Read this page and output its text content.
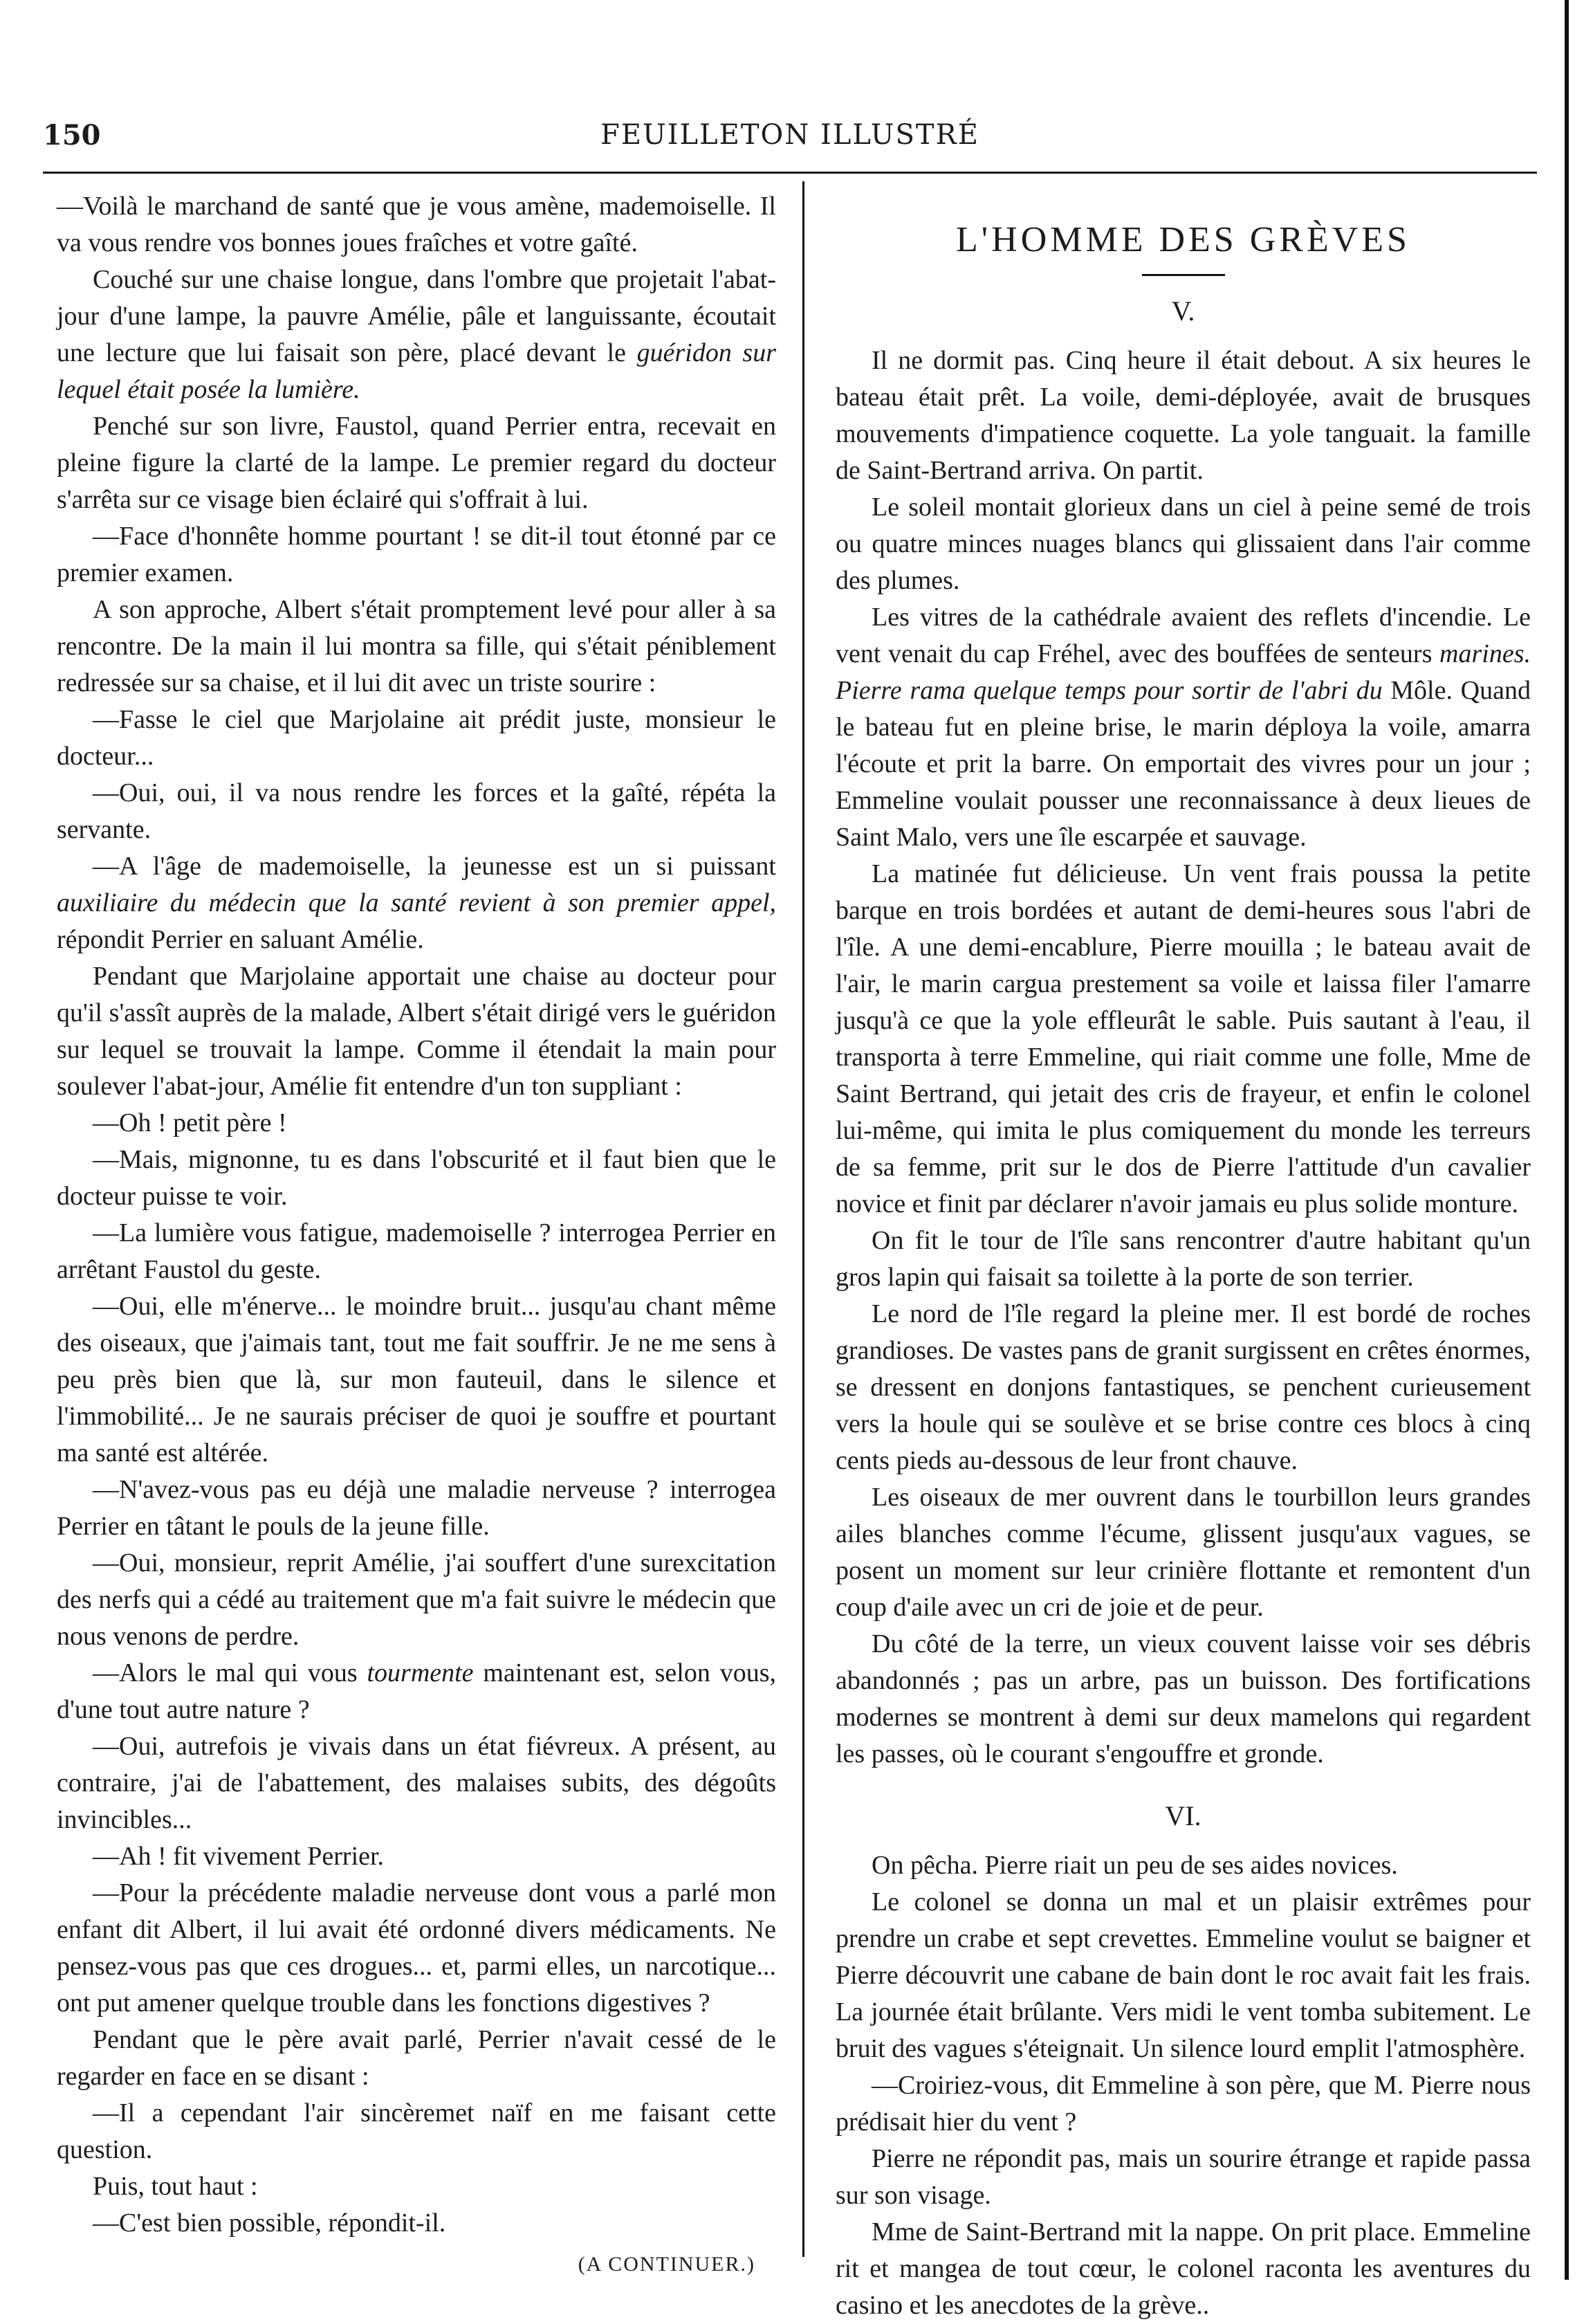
150	FEUILLETON ILLUSTRÉ

—Voilà le marchand de santé que je vous amène, mademoiselle. Il va vous rendre vos bonnes joues fraîches et votre gaîté.

Couché sur une chaise longue, dans l'ombre que projetait l'abat-jour d'une lampe, la pauvre Amélie, pâle et languissante, écoutait une lecture que lui faisait son père, placé devant le guéridon sur lequel était posée la lumière.

Penché sur son livre, Faustol, quand Perrier entra, recevait en pleine figure la clarté de la lampe. Le premier regard du docteur s'arrêta sur ce visage bien éclairé qui s'offrait à lui.

—Face d'honnête homme pourtant ! se dit-il tout étonné par ce premier examen.

A son approche, Albert s'était promptement levé pour aller à sa rencontre. De la main il lui montra sa fille, qui s'était péniblement redressée sur sa chaise, et il lui dit avec un triste sourire :

—Fasse le ciel que Marjolaine ait prédit juste, monsieur le docteur...

—Oui, oui, il va nous rendre les forces et la gaîté, répéta la servante.

—A l'âge de mademoiselle, la jeunesse est un si puissant auxiliaire du médecin que la santé revient à son premier appel, répondit Perrier en saluant Amélie.

Pendant que Marjolaine apportait une chaise au docteur pour qu'il s'assît auprès de la malade, Albert s'était dirigé vers le guéridon sur lequel se trouvait la lampe. Comme il étendait la main pour soulever l'abat-jour, Amélie fit entendre d'un ton suppliant :

—Oh ! petit père !

—Mais, mignonne, tu es dans l'obscurité et il faut bien que le docteur puisse te voir.

—La lumière vous fatigue, mademoiselle ? interrogea Perrier en arrêtant Faustol du geste.

—Oui, elle m'énerve... le moindre bruit... jusqu'au chant même des oiseaux, que j'aimais tant, tout me fait souffrir. Je ne me sens à peu près bien que là, sur mon fauteuil, dans le silence et l'immobilité... Je ne saurais préciser de quoi je souffre et pourtant ma santé est altérée.

—N'avez-vous pas eu déjà une maladie nerveuse ? interrogea Perrier en tâtant le pouls de la jeune fille.

—Oui, monsieur, reprit Amélie, j'ai souffert d'une surexcitation des nerfs qui a cédé au traitement que m'a fait suivre le médecin que nous venons de perdre.

—Alors le mal qui vous tourmente maintenant est, selon vous, d'une tout autre nature ?

—Oui, autrefois je vivais dans un état fiévreux. A présent, au contraire, j'ai de l'abattement, des malaises subits, des dégoûts invincibles...

—Ah ! fit vivement Perrier.

—Pour la précédente maladie nerveuse dont vous a parlé mon enfant dit Albert, il lui avait été ordonné divers médicaments. Ne pensez-vous pas que ces drogues... et, parmi elles, un narcotique... ont put amener quelque trouble dans les fonctions digestives ?

Pendant que le père avait parlé, Perrier n'avait cessé de le regarder en face en se disant :

—Il a cependant l'air sincèremet naïf en me faisant cette question.

Puis, tout haut :

—C'est bien possible, répondit-il.

(A CONTINUER.)
L'HOMME DES GRÈVES
V.

Il ne dormit pas. Cinq heure il était debout. A six heures le bateau était prêt. La voile, demi-déployée, avait de brusques mouvements d'impatience coquette. La yole tanguait. la famille de Saint-Bertrand arriva. On partit.

Le soleil montait glorieux dans un ciel à peine semé de trois ou quatre minces nuages blancs qui glissaient dans l'air comme des plumes.

Les vitres de la cathédrale avaient des reflets d'incendie. Le vent venait du cap Fréhel, avec des bouffées de senteurs marines. Pierre rama quelque temps pour sortir de l'abri du Môle. Quand le bateau fut en pleine brise, le marin déploya la voile, amarra l'écoute et prit la barre. On emportait des vivres pour un jour ; Emmeline voulait pousser une reconnaissance à deux lieues de Saint Malo, vers une île escarpée et sauvage.

La matinée fut délicieuse. Un vent frais poussa la petite barque en trois bordées et autant de demi-heures sous l'abri de l'île. A une demi-encablure, Pierre mouilla ; le bateau avait de l'air, le marin cargua prestement sa voile et laissa filer l'amarre jusqu'à ce que la yole effleurât le sable. Puis sautant à l'eau, il transporta à terre Emmeline, qui riait comme une folle, Mme de Saint Bertrand, qui jetait des cris de frayeur, et enfin le colonel lui-même, qui imita le plus comiquement du monde les terreurs de sa femme, prit sur le dos de Pierre l'attitude d'un cavalier novice et finit par déclarer n'avoir jamais eu plus solide monture.

On fit le tour de l'île sans rencontrer d'autre habitant qu'un gros lapin qui faisait sa toilette à la porte de son terrier.

Le nord de l'île regard la pleine mer. Il est bordé de roches grandioses. De vastes pans de granit surgissent en crêtes énormes, se dressent en donjons fantastiques, se penchent curieusement vers la houle qui se soulève et se brise contre ces blocs à cinq cents pieds au-dessous de leur front chauve.

Les oiseaux de mer ouvrent dans le tourbillon leurs grandes ailes blanches comme l'écume, glissent jusqu'aux vagues, se posent un moment sur leur crinière flottante et remontent d'un coup d'aile avec un cri de joie et de peur.

Du côté de la terre, un vieux couvent laisse voir ses débris abandonnés ; pas un arbre, pas un buisson. Des fortifications modernes se montrent à demi sur deux mamelons qui regardent les passes, où le courant s'engouffre et gronde.

VI.

On pêcha. Pierre riait un peu de ses aides novices.

Le colonel se donna un mal et un plaisir extrêmes pour prendre un crabe et sept crevettes. Emmeline voulut se baigner et Pierre découvrit une cabane de bain dont le roc avait fait les frais. La journée était brûlante. Vers midi le vent tomba subitement. Le bruit des vagues s'éteignait. Un silence lourd emplit l'atmosphère.

—Croiriez-vous, dit Emmeline à son père, que M. Pierre nous prédisait hier du vent ?

Pierre ne répondit pas, mais un sourire étrange et rapide passa sur son visage.

Mme de Saint-Bertrand mit la nappe. On prit place. Emmeline rit et mangea de tout cœur, le colonel raconta les aventures du casino et les anecdotes de la grève..
